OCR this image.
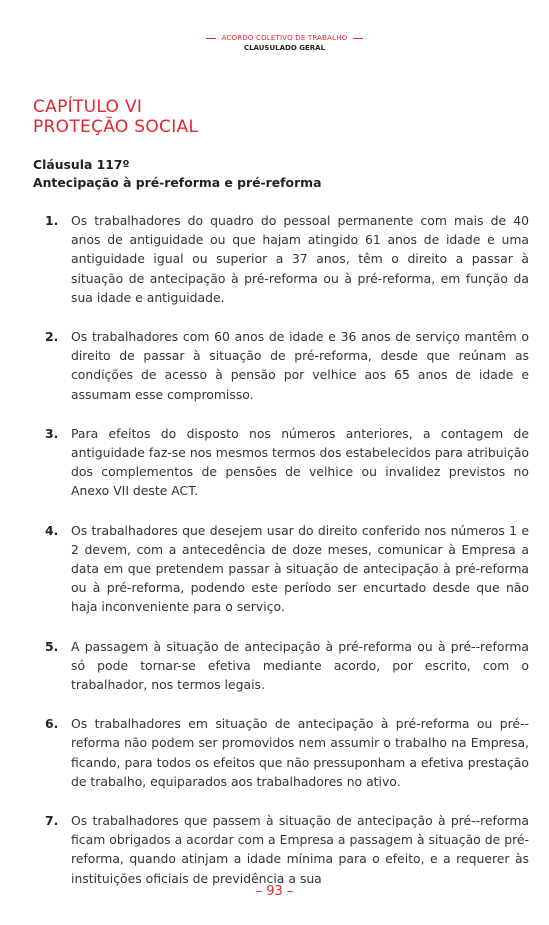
ACORDO COLETIVO DE TRABALHO
CLAUSULADO GERAL
CAPÍTULO VI
PROTEÇÃO SOCIAL
Cláusula 117º
Antecipação à pré-reforma e pré-reforma
1.	Os trabalhadores do quadro do pessoal permanente com mais de 40 anos de antiguidade ou que hajam atingido 61 anos de idade e uma antiguidade igual ou superior a 37 anos, têm o direito a passar à situação de antecipação à pré-reforma ou à pré-reforma, em função da sua idade e antiguidade.
2.	Os trabalhadores com 60 anos de idade e 36 anos de serviço mantêm o direito de passar à situação de pré-reforma, desde que reúnam as condições de acesso à pensão por velhice aos 65 anos de idade e assumam esse compromisso.
3.	Para efeitos do disposto nos números anteriores, a contagem de antiguidade faz-se nos mesmos termos dos estabelecidos para atribuição dos complementos de pensões de velhice ou invalidez previstos no Anexo VII deste ACT.
4.	Os trabalhadores que desejem usar do direito conferido nos números 1 e 2 devem, com a antecedência de doze meses, comunicar à Empresa a data em que pretendem passar à situação de antecipação à pré-reforma ou à pré-reforma, podendo este período ser encurtado desde que não haja inconveniente para o serviço.
5.	A passagem à situação de antecipação à pré-reforma ou à pré--reforma só pode tornar-se efetiva mediante acordo, por escrito, com o trabalhador, nos termos legais.
6.	Os trabalhadores em situação de antecipação à pré-reforma ou pré--reforma não podem ser promovidos nem assumir o trabalho na Empresa, ficando, para todos os efeitos que não pressuponham a efetiva prestação de trabalho, equiparados aos trabalhadores no ativo.
7.	Os trabalhadores que passem à situação de antecipação à pré--reforma ficam obrigados a acordar com a Empresa a passagem à situação de pré-reforma, quando atinjam a idade mínima para o efeito, e a requerer às instituições oficiais de previdência a sua
– 93 –
